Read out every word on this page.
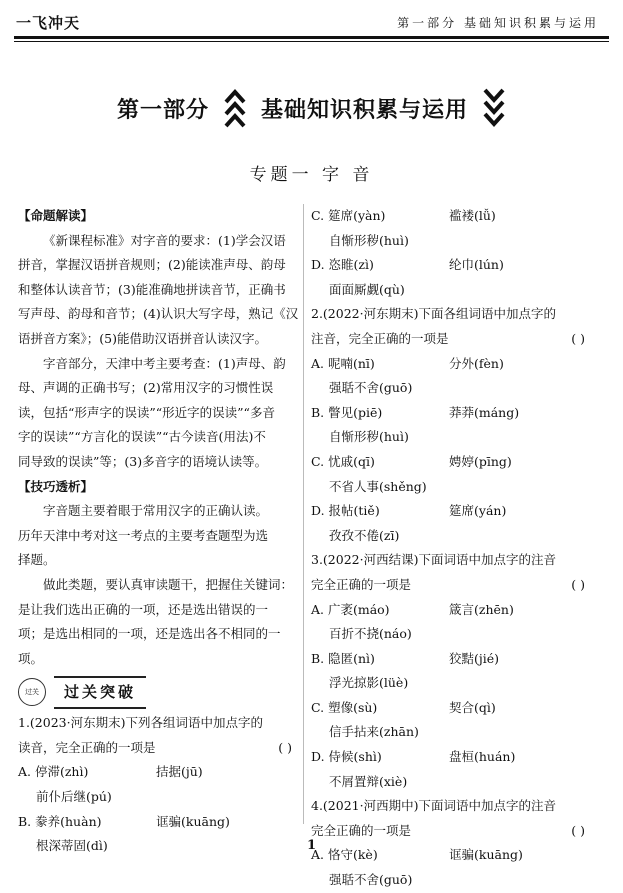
一飞冲天	第一部分 基础知识积累与运用
第一部分 基础知识积累与运用
专题一 字 音
【命题解读】
《新课程标准》对字音的要求：(1)学会汉语
拼音，掌握汉语拼音规则；(2)能读准声母、韵母
和整体认读音节；(3)能准确地拼读音节，正确书
写声母、韵母和音节；(4)认识大写字母，熟记《汉
语拼音方案》；(5)能借助汉语拼音认读汉字。
字音部分，天津中考主要考查：(1)声母、韵
母、声调的正确书写；(2)常用汉字的习惯性误
读，包括“形声字的误读”“形近字的误读”“多音
字的误读”“方言化的误读”“古今读音(用法)不
同导致的误读”等；(3)多音字的语境认读等。
【技巧透析】
字音题主要着眼于常用汉字的正确认读。
历年天津中考对这一考点的主要考查题型为选
择题。
做此类题，要认真审读题干，把握住关键词：
是让我们选出正确的一项，还是选出错误的一
项；是选出相同的一项，还是选出各不相同的一
项。
过关	过关突破
1.(2023·河东期末)下列各组词语中加点字的
读音，完全正确的一项是	( )
A. 停滞(zhì)	拮据(jū)
前仆后继(pú)
B. 豢养(huàn)	诓骗(kuāng)
根深蒂固(dì)
C. 筵席(yàn)	褴褛(lǚ)
自惭形秽(huì)
D. 恣睢(zì)	纶巾(lún)
面面厮觑(qù)
2.(2022·河东期末)下面各组词语中加点字的
注音，完全正确的一项是	( )
A. 呢喃(nī)	分外(fèn)
强聒不舍(guō)
B. 瞥见(piē)	莽莽(máng)
自惭形秽(huì)
C. 忧戚(qī)	娉婷(pīng)
不省人事(shěng)
D. 报帖(tiě)	筵席(yán)
孜孜不倦(zī)
3.(2022·河西结课)下面词语中加点字的注音
完全正确的一项是	( )
A. 广袤(máo)	箴言(zhēn)
百折不挠(náo)
B. 隐匿(nì)	狡黠(jié)
浮光掠影(lüè)
C. 塑像(sù)	契合(qì)
信手拈来(zhān)
D. 侍候(shì)	盘桓(huán)
不屑置辩(xiè)
4.(2021·河西期中)下面词语中加点字的注音
完全正确的一项是	( )
A. 恪守(kè)	诓骗(kuāng)
强聒不舍(guō)
1
